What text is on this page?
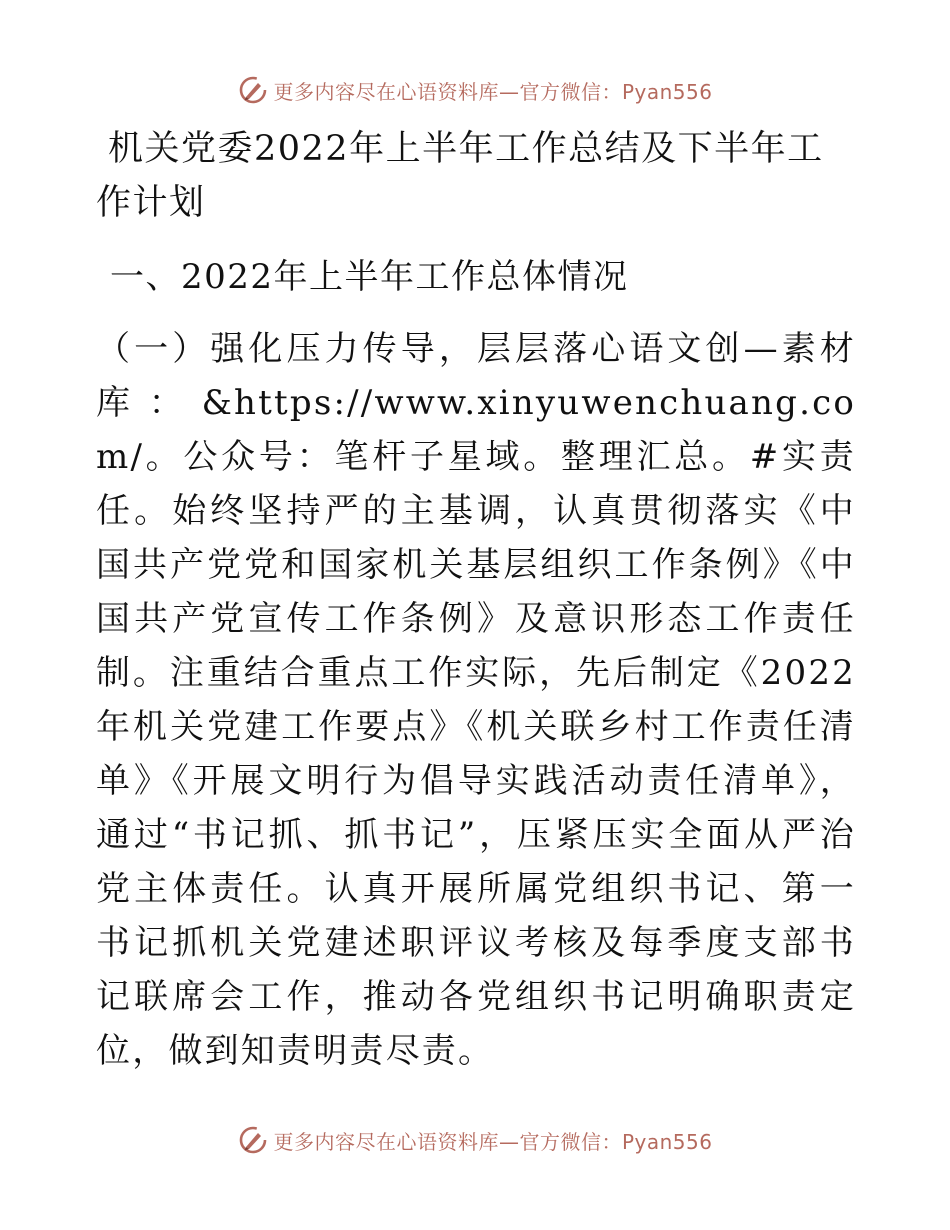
更多内容尽在心语资料库—官方微信：Pyan556
机关党委2022年上半年工作总结及下半年工作计划
一、2022年上半年工作总体情况

（一）强化压力传导，层层落心语文创—素材库：&https://www.xinyuwenchuang.com/。公众号：笔杆子星域。整理汇总。#实责任。始终坚持严的主基调，认真贯彻落实《中国共产党党和国家机关基层组织工作条例》《中国共产党宣传工作条例》及意识形态工作责任制。注重结合重点工作实际，先后制定《2022年机关党建工作要点》《机关联乡村工作责任清单》《开展文明行为倡导实践活动责任清单》，通过“书记抓、抓书记”，压紧压实全面从严治党主体责任。认真开展所属党组织书记、第一书记抓机关党建述职评议考核及每季度支部书记联席会工作，推动各党组织书记明确职责定位，做到知责明责尽责。

更多内容尽在心语资料库—官方微信：Pyan556
